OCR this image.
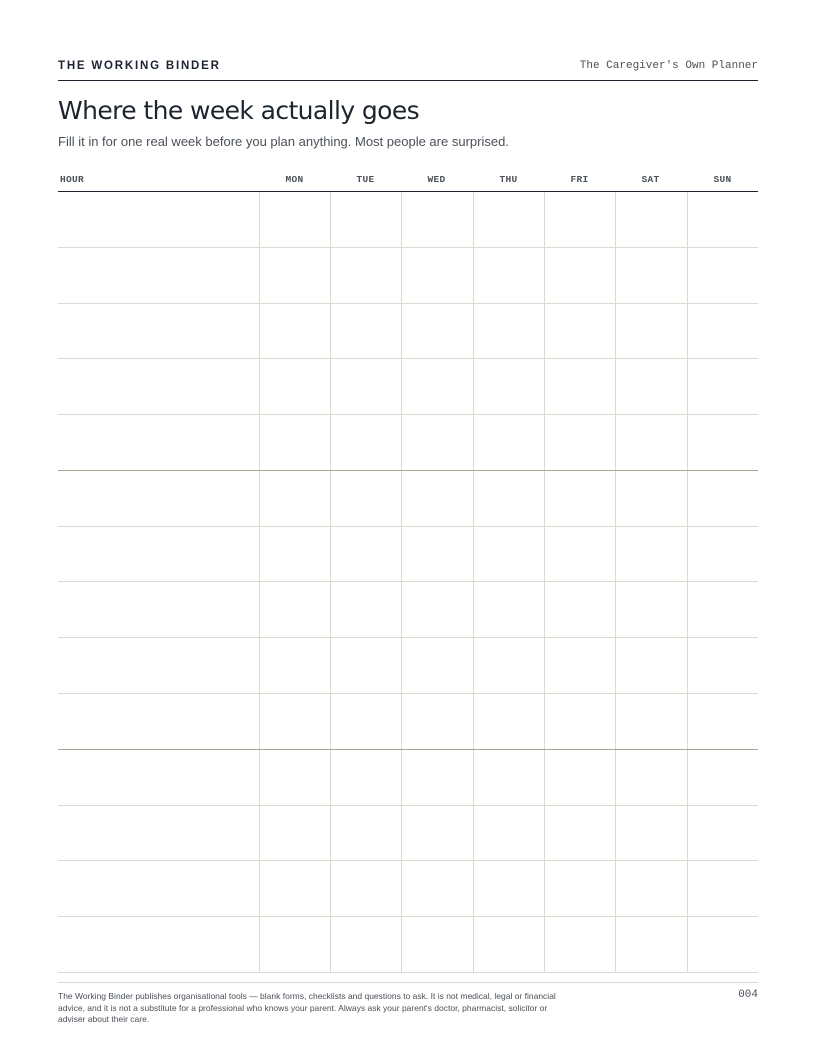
THE WORKING BINDER	The Caregiver's Own Planner
Where the week actually goes
Fill it in for one real week before you plan anything. Most people are surprised.
HOUR	MON	TUE	WED	THU	FRI	SAT	SUN
The Working Binder publishes organisational tools — blank forms, checklists and questions to ask. It is not medical, legal or financial advice, and it is not a substitute for a professional who knows your parent. Always ask your parent's doctor, pharmacist, solicitor or adviser about their care.
004
